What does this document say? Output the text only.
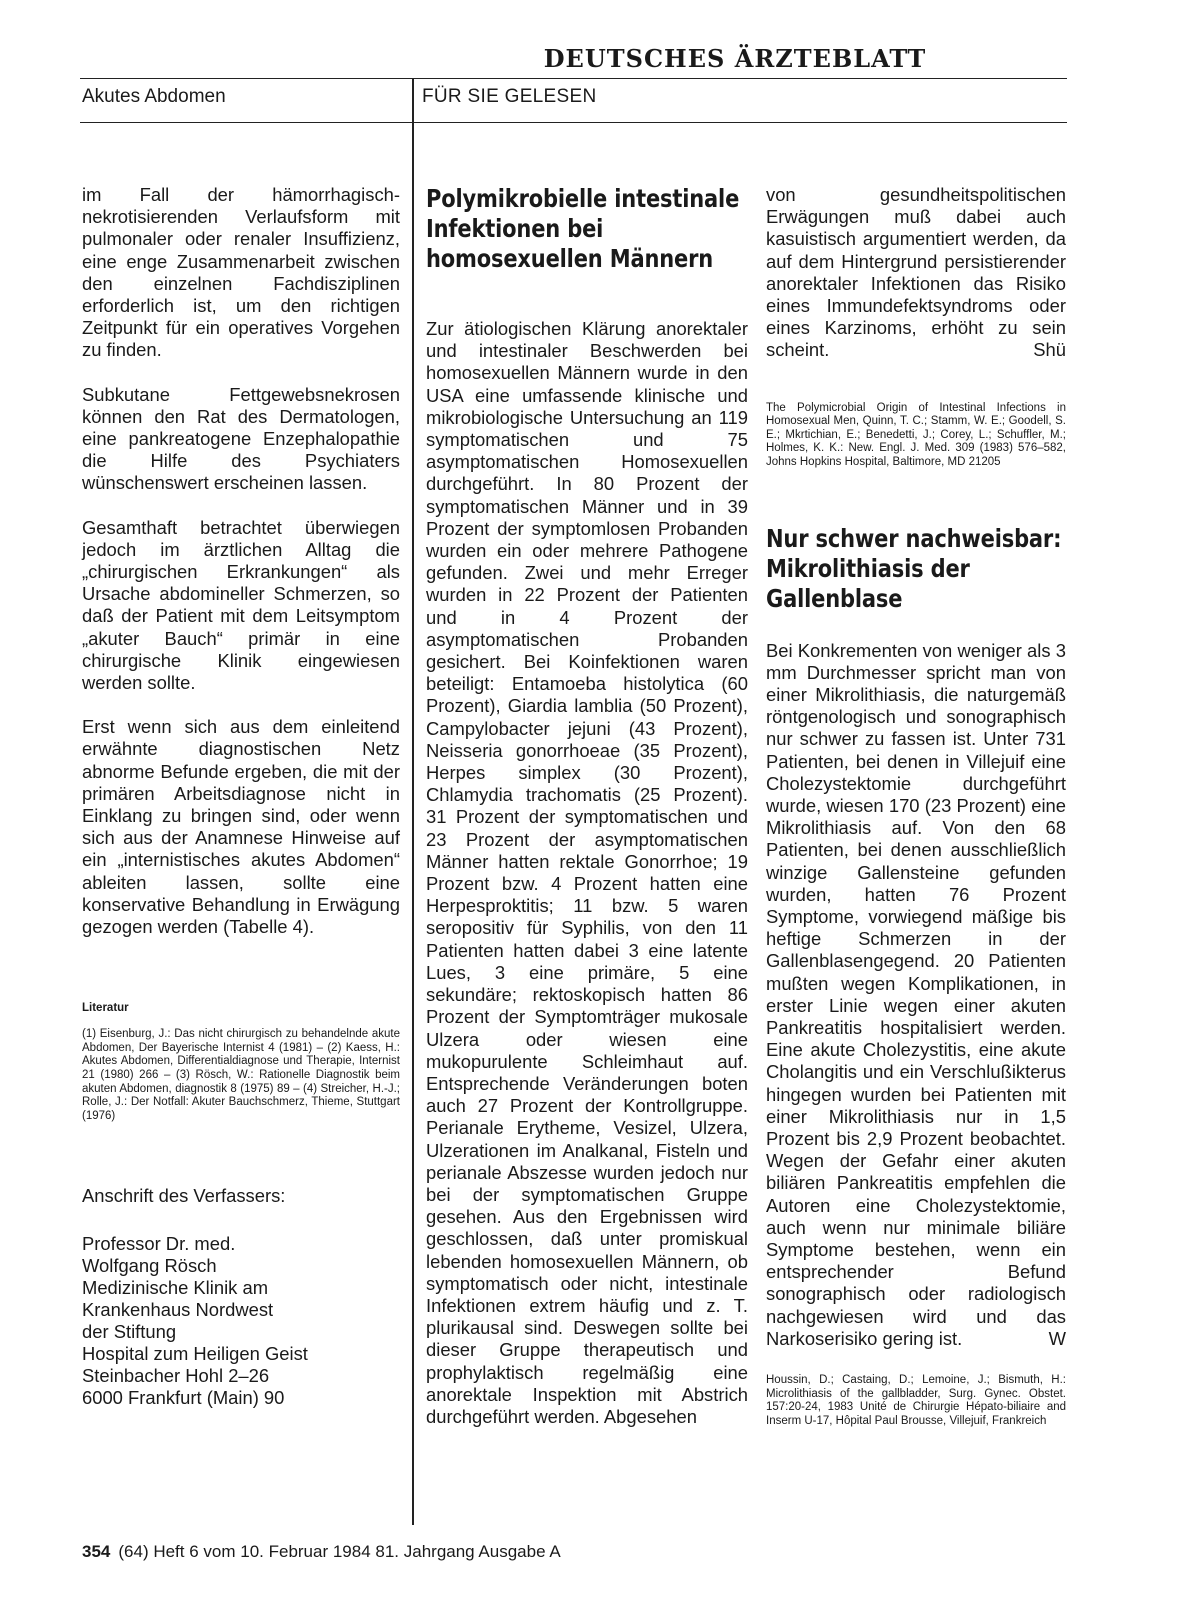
DEUTSCHES ÄRZTEBLATT
Akutes Abdomen	FÜR SIE GELESEN

im Fall der hämorrhagisch-nekrotisierenden Verlaufsform mit pulmonaler oder renaler Insuffizienz, eine enge Zusammenarbeit zwischen den einzelnen Fachdisziplinen erforderlich ist, um den richtigen Zeitpunkt für ein operatives Vorgehen zu finden.

Subkutane Fettgewebsnekrosen können den Rat des Dermatologen, eine pankreatogene Enzephalopathie die Hilfe des Psychiaters wünschenswert erscheinen lassen.

Gesamthaft betrachtet überwiegen jedoch im ärztlichen Alltag die „chirurgischen Erkrankungen“ als Ursache abdomineller Schmerzen, so daß der Patient mit dem Leitsymptom „akuter Bauch“ primär in eine chirurgische Klinik eingewiesen werden sollte.

Erst wenn sich aus dem einleitend erwähnte diagnostischen Netz abnorme Befunde ergeben, die mit der primären Arbeitsdiagnose nicht in Einklang zu bringen sind, oder wenn sich aus der Anamnese Hinweise auf ein „internistisches akutes Abdomen“ ableiten lassen, sollte eine konservative Behandlung in Erwägung gezogen werden (Tabelle 4).

Literatur

(1) Eisenburg, J.: Das nicht chirurgisch zu behandelnde akute Abdomen, Der Bayerische Internist 4 (1981) – (2) Kaess, H.: Akutes Abdomen, Differentialdiagnose und Therapie, Internist 21 (1980) 266 – (3) Rösch, W.: Rationelle Diagnostik beim akuten Abdomen, diagnostik 8 (1975) 89 – (4) Streicher, H.-J.; Rolle, J.: Der Notfall: Akuter Bauchschmerz, Thieme, Stuttgart (1976)

Anschrift des Verfassers:

Professor Dr. med.

Wolfgang Rösch

Medizinische Klinik am

Krankenhaus Nordwest

der Stiftung

Hospital zum Heiligen Geist

Steinbacher Hohl 2–26

6000 Frankfurt (Main) 90

Polymikrobielle intestinale Infektionen bei homosexuellen Männern

Zur ätiologischen Klärung anorektaler und intestinaler Beschwerden bei homosexuellen Männern wurde in den USA eine umfassende klinische und mikrobiologische Untersuchung an 119 symptomatischen und 75 asymptomatischen Homosexuellen durchgeführt. In 80 Prozent der symptomatischen Männer und in 39 Prozent der symptomlosen Probanden wurden ein oder mehrere Pathogene gefunden. Zwei und mehr Erreger wurden in 22 Prozent der Patienten und in 4 Prozent der asymptomatischen Probanden gesichert. Bei Koinfektionen waren beteiligt: Entamoeba histolytica (60 Prozent), Giardia lamblia (50 Prozent), Campylobacter jejuni (43 Prozent), Neisseria gonorrhoeae (35 Prozent), Herpes simplex (30 Prozent), Chlamydia trachomatis (25 Prozent). 31 Prozent der symptomatischen und 23 Prozent der asymptomatischen Männer hatten rektale Gonorrhoe; 19 Prozent bzw. 4 Prozent hatten eine Herpesproktitis; 11 bzw. 5 waren seropositiv für Syphilis, von den 11 Patienten hatten dabei 3 eine latente Lues, 3 eine primäre, 5 eine sekundäre; rektoskopisch hatten 86 Prozent der Symptomträger mukosale Ulzera oder wiesen eine mukopurulente Schleimhaut auf. Entsprechende Veränderungen boten auch 27 Prozent der Kontrollgruppe. Perianale Erytheme, Vesizel, Ulzera, Ulzerationen im Analkanal, Fisteln und perianale Abszesse wurden jedoch nur bei der symptomatischen Gruppe gesehen. Aus den Ergebnissen wird geschlossen, daß unter promiskual lebenden homosexuellen Männern, ob symptomatisch oder nicht, intestinale Infektionen extrem häufig und z. T. plurikausal sind. Deswegen sollte bei dieser Gruppe therapeutisch und prophylaktisch regelmäßig eine anorektale Inspektion mit Abstrich durchgeführt werden. Abgesehen

von gesundheitspolitischen Erwägungen muß dabei auch kasuistisch argumentiert werden, da auf dem Hintergrund persistierender anorektaler Infektionen das Risiko eines Immundefektsyndroms oder eines Karzinoms, erhöht zu sein scheint.	Shü

The Polymicrobial Origin of Intestinal Infections in Homosexual Men, Quinn, T. C.; Stamm, W. E.; Goodell, S. E.; Mkrtichian, E.; Benedetti, J.; Corey, L.; Schuffler, M.; Holmes, K. K.: New. Engl. J. Med. 309 (1983) 576–582, Johns Hopkins Hospital, Baltimore, MD 21205

Nur schwer nachweisbar: Mikrolithiasis der Gallenblase

Bei Konkrementen von weniger als 3 mm Durchmesser spricht man von einer Mikrolithiasis, die naturgemäß röntgenologisch und sonographisch nur schwer zu fassen ist. Unter 731 Patienten, bei denen in Villejuif eine Cholezystektomie durchgeführt wurde, wiesen 170 (23 Prozent) eine Mikrolithiasis auf. Von den 68 Patienten, bei denen ausschließlich winzige Gallensteine gefunden wurden, hatten 76 Prozent Symptome, vorwiegend mäßige bis heftige Schmerzen in der Gallenblasengegend. 20 Patienten mußten wegen Komplikationen, in erster Linie wegen einer akuten Pankreatitis hospitalisiert werden. Eine akute Cholezystitis, eine akute Cholangitis und ein Verschlußikterus hingegen wurden bei Patienten mit einer Mikrolithiasis nur in 1,5 Prozent bis 2,9 Prozent beobachtet. Wegen der Gefahr einer akuten biliären Pankreatitis empfehlen die Autoren eine Cholezystektomie, auch wenn nur minimale biliäre Symptome bestehen, wenn ein entsprechender Befund sonographisch oder radiologisch nachgewiesen wird und das Narkoserisiko gering ist.	W

Houssin, D.; Castaing, D.; Lemoine, J.; Bismuth, H.: Microlithiasis of the gallbladder, Surg. Gynec. Obstet. 157:20-24, 1983 Unité de Chirurgie Hépato-biliaire and Inserm U-17, Hôpital Paul Brousse, Villejuif, Frankreich

354 (64) Heft 6 vom 10. Februar 1984 81. Jahrgang Ausgabe A
